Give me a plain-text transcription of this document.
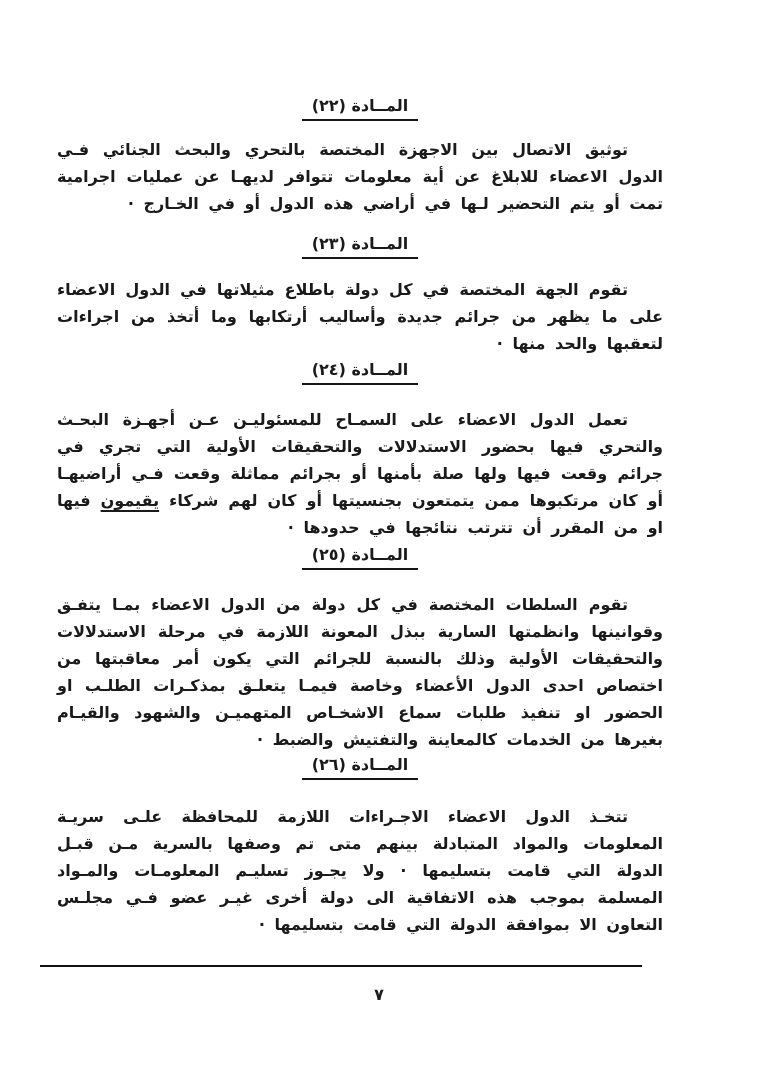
المــادة (٢٢)

توثيق الاتصال بين الاجهزة المختصة بالتحري والبحث الجنائي فـي الدول الاعضاء للابلاغ عن أية معلومات تتوافر لديهـا عن عمليات اجرامية تمت أو يتم التحضير لـها في أراضي هذه الدول أو في الخـارج ·

المــادة (٢٣)

تقوم الجهة المختصة في كل دولة باطلاع مثيلاتها في الدول الاعضاء على ما يظهر من جرائم جديدة وأساليب أرتكابها وما أتخذ من اجراءات لتعقبها والحد منها ·

المــادة (٢٤)

تعمل الدول الاعضاء على السمـاح للمسئوليـن عـن أجهـزة البحـث والتحري فيها بحضور الاستدلالات والتحقيقات الأولية التي تجري في جرائم وقعت فيها ولها صلة بأمنها أو بجرائم مماثلة وقعت فـي أراضيهـا أو كان مرتكبوها ممن يتمتعون بجنسيتها أو كان لهم شركاء يقيمون فيها او من المقرر أن تترتب نتائجها في حدودها ·

المــادة (٢٥)

تقوم السلطات المختصة في كل دولة من الدول الاعضاء بمـا يتفـق وقوانينها وانظمتها السارية ببذل المعونة اللازمة في مرحلة الاستدلالات والتحقيقات الأولية وذلك بالنسبة للجرائم التي يكون أمر معاقبتها من اختصاص احدى الدول الأعضاء وخاصة فيمـا يتعلـق بمذكـرات الطلـب او الحضور او تنفيذ طلبات سماع الاشخـاص المتهميـن والشهود والقيـام بغيرها من الخدمات كالمعاينة والتفتيش والضبط ·

المــادة (٢٦)

تتخـذ الدول الاعضاء الاجـراءات اللازمة للمحافظة علـى سريـة المعلومات والمواد المتبادلة بينهم متى تم وصفها بالسرية مـن قبـل الدولة التي قامت بتسليمها · ولا يجـوز تسليـم المعلومـات والمـواد المسلمة بموجب هذه الاتفاقية الى دولة أخرى غيـر عضو فـي مجلـس التعاون الا بموافقة الدولة التي قامت بتسليمها ·

٧
